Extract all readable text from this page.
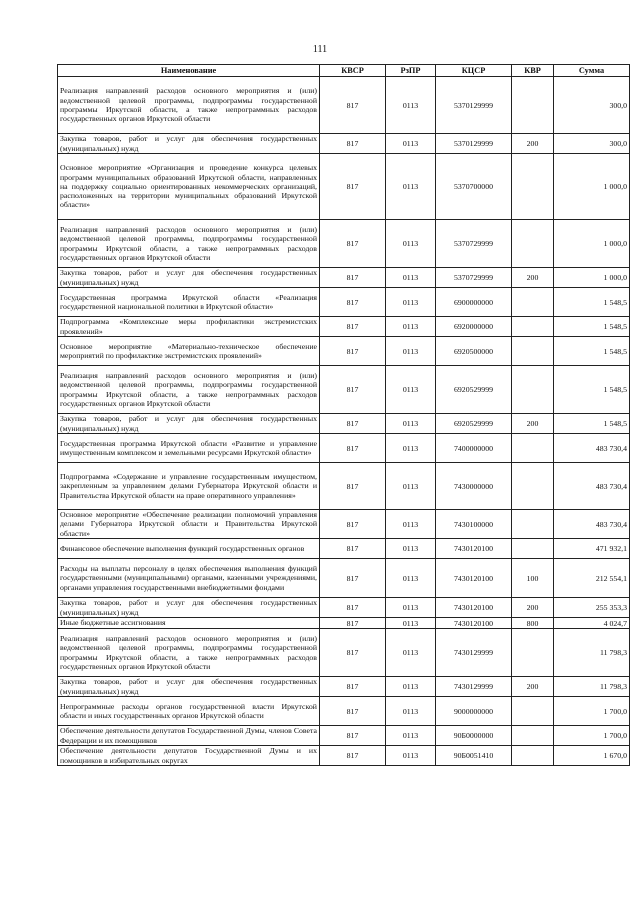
111
Наименование	КВСР	РзПР	КЦСР	КВР	Сумма
Реализация направлений расходов основного мероприятия и (или) ведомственной целевой программы, подпрограммы государственной программы Иркутской области, а также непрограммных расходов государственных органов Иркутской области	817	0113	5370129999		300,0
Закупка товаров, работ и услуг для обеспечения государственных (муниципальных) нужд	817	0113	5370129999	200	300,0
Основное мероприятие «Организация и проведение конкурса целевых программ муниципальных образований Иркутской области, направленных на поддержку социально ориентированных некоммерческих организаций, расположенных на территории муниципальных образований Иркутской области»	817	0113	5370700000		1 000,0
Реализация направлений расходов основного мероприятия и (или) ведомственной целевой программы, подпрограммы государственной программы Иркутской области, а также непрограммных расходов государственных органов Иркутской области	817	0113	5370729999		1 000,0
Закупка товаров, работ и услуг для обеспечения государственных (муниципальных) нужд	817	0113	5370729999	200	1 000,0
Государственная программа Иркутской области «Реализация государственной национальной политики в Иркутской области»	817	0113	6900000000		1 548,5
Подпрограмма «Комплексные меры профилактики экстремистских проявлений»	817	0113	6920000000		1 548,5
Основное мероприятие «Материально-техническое обеспечение мероприятий по профилактике экстремистских проявлений»	817	0113	6920500000		1 548,5
Реализация направлений расходов основного мероприятия и (или) ведомственной целевой программы, подпрограммы государственной программы Иркутской области, а также непрограммных расходов государственных органов Иркутской области	817	0113	6920529999		1 548,5
Закупка товаров, работ и услуг для обеспечения государственных (муниципальных) нужд	817	0113	6920529999	200	1 548,5
Государственная программа Иркутской области «Развитие и управление имущественным комплексом и земельными ресурсами Иркутской области»	817	0113	7400000000		483 730,4
Подпрограмма «Содержание и управление государственным имуществом, закрепленным за управлением делами Губернатора Иркутской области и Правительства Иркутской области на праве оперативного управления»	817	0113	7430000000		483 730,4
Основное мероприятие «Обеспечение реализации полномочий управления делами Губернатора Иркутской области и Правительства Иркутской области»	817	0113	7430100000		483 730,4
Финансовое обеспечение выполнения функций государственных органов	817	0113	7430120100		471 932,1
Расходы на выплаты персоналу в целях обеспечения выполнения функций государственными (муниципальными) органами, казенными учреждениями, органами управления государственными внебюджетными фондами	817	0113	7430120100	100	212 554,1
Закупка товаров, работ и услуг для обеспечения государственных (муниципальных) нужд	817	0113	7430120100	200	255 353,3
Иные бюджетные ассигнования	817	0113	7430120100	800	4 024,7
Реализация направлений расходов основного мероприятия и (или) ведомственной целевой программы, подпрограммы государственной программы Иркутской области, а также непрограммных расходов государственных органов Иркутской области	817	0113	7430129999		11 798,3
Закупка товаров, работ и услуг для обеспечения государственных (муниципальных) нужд	817	0113	7430129999	200	11 798,3
Непрограммные расходы органов государственной власти Иркутской области и иных государственных органов Иркутской области	817	0113	9000000000		1 700,0
Обеспечение деятельности депутатов Государственной Думы, членов Совета Федерации и их помощников	817	0113	90Б0000000		1 700,0
Обеспечение деятельности депутатов Государственной Думы и их помощников в избирательных округах	817	0113	90Б0051410		1 670,0
